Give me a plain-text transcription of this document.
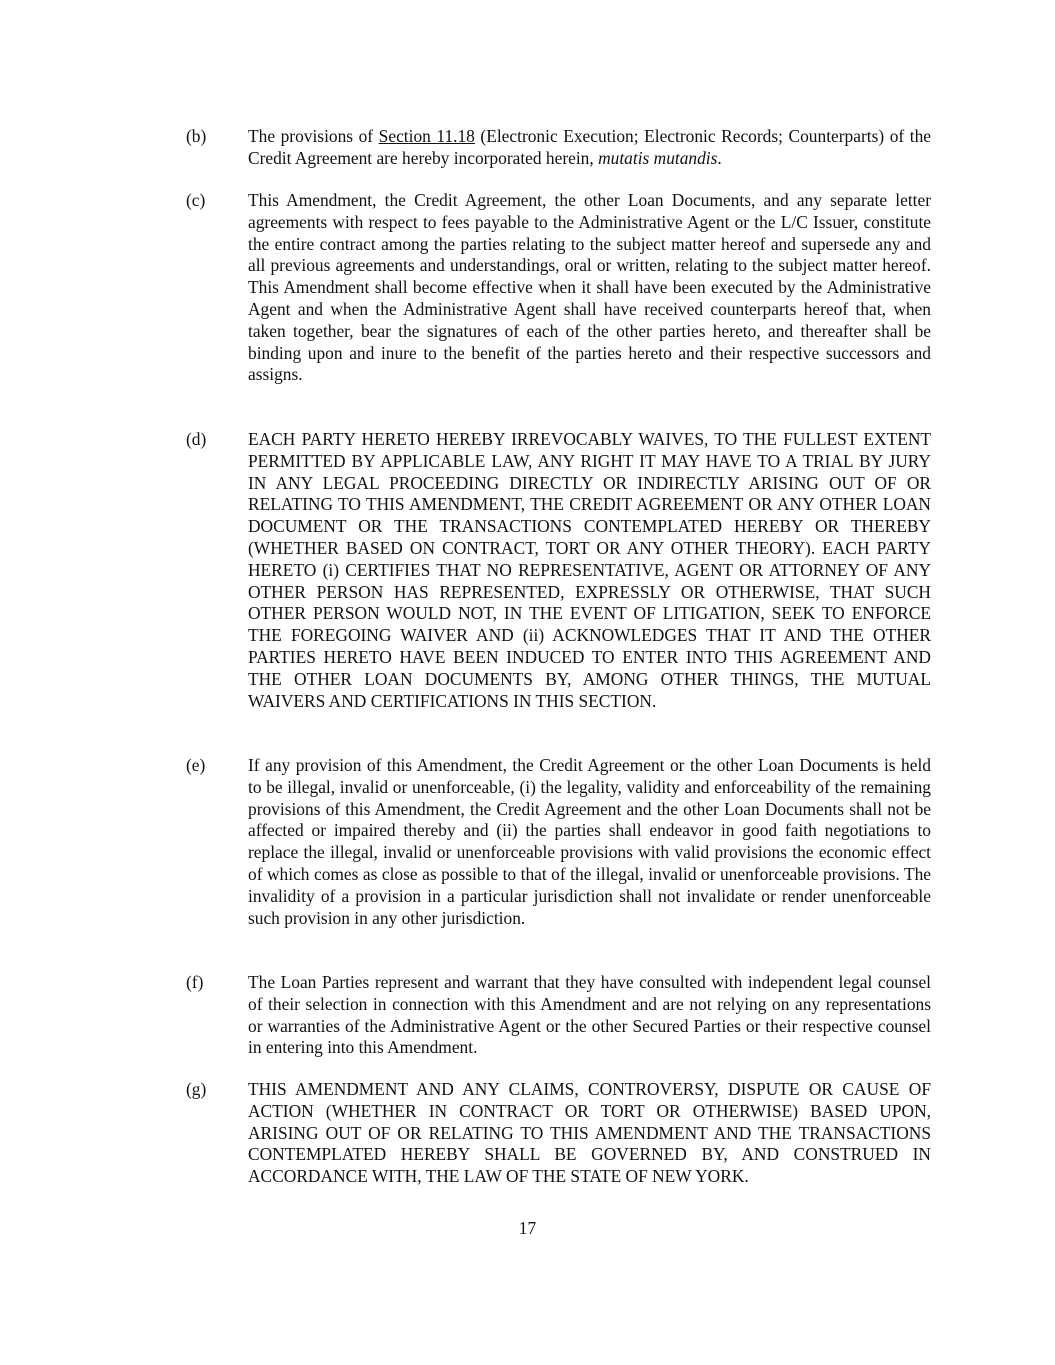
(b) The provisions of Section 11.18 (Electronic Execution; Electronic Records; Counterparts) of the Credit Agreement are hereby incorporated herein, mutatis mutandis.
(c) This Amendment, the Credit Agreement, the other Loan Documents, and any separate letter agreements with respect to fees payable to the Administrative Agent or the L/C Issuer, constitute the entire contract among the parties relating to the subject matter hereof and supersede any and all previous agreements and understandings, oral or written, relating to the subject matter hereof. This Amendment shall become effective when it shall have been executed by the Administrative Agent and when the Administrative Agent shall have received counterparts hereof that, when taken together, bear the signatures of each of the other parties hereto, and thereafter shall be binding upon and inure to the benefit of the parties hereto and their respective successors and assigns.
(d) EACH PARTY HERETO HEREBY IRREVOCABLY WAIVES, TO THE FULLEST EXTENT PERMITTED BY APPLICABLE LAW, ANY RIGHT IT MAY HAVE TO A TRIAL BY JURY IN ANY LEGAL PROCEEDING DIRECTLY OR INDIRECTLY ARISING OUT OF OR RELATING TO THIS AMENDMENT, THE CREDIT AGREEMENT OR ANY OTHER LOAN DOCUMENT OR THE TRANSACTIONS CONTEMPLATED HEREBY OR THEREBY (WHETHER BASED ON CONTRACT, TORT OR ANY OTHER THEORY). EACH PARTY HERETO (i) CERTIFIES THAT NO REPRESENTATIVE, AGENT OR ATTORNEY OF ANY OTHER PERSON HAS REPRESENTED, EXPRESSLY OR OTHERWISE, THAT SUCH OTHER PERSON WOULD NOT, IN THE EVENT OF LITIGATION, SEEK TO ENFORCE THE FOREGOING WAIVER AND (ii) ACKNOWLEDGES THAT IT AND THE OTHER PARTIES HERETO HAVE BEEN INDUCED TO ENTER INTO THIS AGREEMENT AND THE OTHER LOAN DOCUMENTS BY, AMONG OTHER THINGS, THE MUTUAL WAIVERS AND CERTIFICATIONS IN THIS SECTION.
(e) If any provision of this Amendment, the Credit Agreement or the other Loan Documents is held to be illegal, invalid or unenforceable, (i) the legality, validity and enforceability of the remaining provisions of this Amendment, the Credit Agreement and the other Loan Documents shall not be affected or impaired thereby and (ii) the parties shall endeavor in good faith negotiations to replace the illegal, invalid or unenforceable provisions with valid provisions the economic effect of which comes as close as possible to that of the illegal, invalid or unenforceable provisions. The invalidity of a provision in a particular jurisdiction shall not invalidate or render unenforceable such provision in any other jurisdiction.
(f)	The Loan Parties represent and warrant that they have consulted with independent legal counsel of their selection in connection with this Amendment and are not relying on any representations or warranties of the Administrative Agent or the other Secured Parties or their respective counsel in entering into this Amendment.
(g) THIS AMENDMENT AND ANY CLAIMS, CONTROVERSY, DISPUTE OR CAUSE OF ACTION (WHETHER IN CONTRACT OR TORT OR OTHERWISE) BASED UPON, ARISING OUT OF OR RELATING TO THIS AMENDMENT AND THE TRANSACTIONS CONTEMPLATED HEREBY SHALL BE GOVERNED BY, AND CONSTRUED IN ACCORDANCE WITH, THE LAW OF THE STATE OF NEW YORK.
17
